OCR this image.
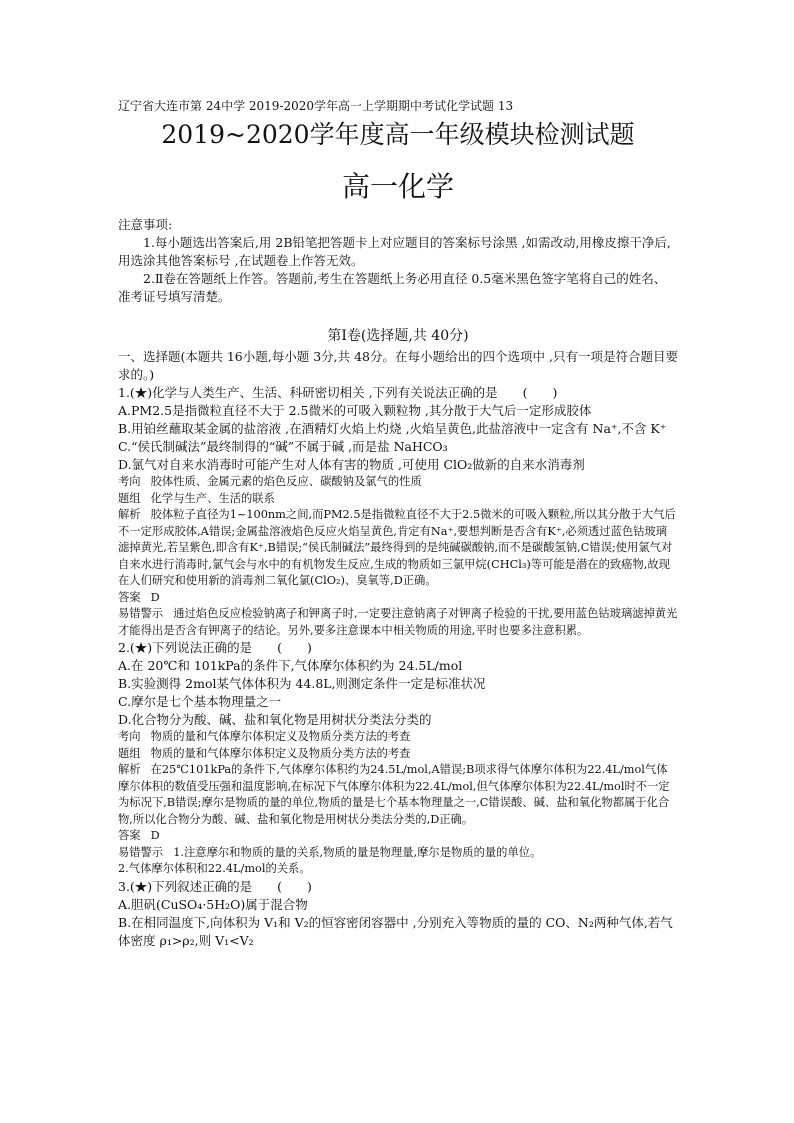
辽宁省大连市第 24中学 2019-2020学年高一上学期期中考试化学试题 13

2019~2020学年度高一年级模块检测试题
高一化学

注意事项:

1.每小题选出答案后,用 2B铅笔把答题卡上对应题目的答案标号涂黑 ,如需改动,用橡皮擦干净后,用选涂其他答案标号 ,在试题卷上作答无效。

2.Ⅱ卷在答题纸上作答。答题前,考生在答题纸上务必用直径 0.5毫米黑色签字笔将自己的姓名、准考证号填写清楚。

第Ⅰ卷(选择题,共 40分)

一、选择题(本题共 16小题,每小题 3分,共 48分。在每小题给出的四个选项中 ,只有一项是符合题目要求的。)

1.(★)化学与人类生产、生活、科研密切相关 ,下列有关说法正确的是　　(　　)

A.PM2.5是指微粒直径不大于 2.5微米的可吸入颗粒物 ,其分散于大气后一定形成胶体

B.用铂丝蘸取某金属的盐溶液 ,在酒精灯火焰上灼烧 ,火焰呈黄色,此盐溶液中一定含有 Na⁺,不含 K⁺

C.“侯氏制碱法”最终制得的“碱”不属于碱 ,而是盐 NaHCO₃

D.氯气对自来水消毒时可能产生对人体有害的物质 ,可使用 ClO₂做新的自来水消毒剂

考向 胶体性质、金属元素的焰色反应、碳酸钠及氯气的性质

题组 化学与生产、生活的联系

解析 胶体粒子直径为1~100nm之间,而PM2.5是指微粒直径不大于2.5微米的可吸入颗粒,所以其分散于大气后不一定形成胶体,A错误;金属盐溶液焰色反应火焰呈黄色,肯定有Na⁺,要想判断是否含有K⁺,必须透过蓝色钴玻璃滤掉黄光,若呈紫色,即含有K⁺,B错误;“侯氏制碱法”最终得到的是纯碱碳酸钠,而不是碳酸氢钠,C错误;使用氯气对自来水进行消毒时,氯气会与水中的有机物发生反应,生成的物质如三氯甲烷(CHCl₃)等可能是潜在的致癌物,故现在人们研究和使用新的消毒剂二氧化氯(ClO₂)、臭氧等,D正确。

答案 D

易错警示 通过焰色反应检验钠离子和钾离子时,一定要注意钠离子对钾离子检验的干扰,要用蓝色钴玻璃滤掉黄光才能得出是否含有钾离子的结论。另外,要多注意课本中相关物质的用途,平时也要多注意积累。

2.(★)下列说法正确的是　　(　　)

A.在 20℃和 101kPa的条件下,气体摩尔体积约为 24.5L/mol

B.实验测得 2mol某气体体积为 44.8L,则测定条件一定是标准状况

C.摩尔是七个基本物理量之一

D.化合物分为酸、碱、盐和氧化物是用树状分类法分类的

考向 物质的量和气体摩尔体积定义及物质分类方法的考查

题组 物质的量和气体摩尔体积定义及物质分类方法的考查

解析 在25℃101kPa的条件下,气体摩尔体积约为24.5L/mol,A错误;B项求得气体摩尔体积为22.4L/mol气体摩尔体积的数值受压强和温度影响,在标况下气体摩尔体积为22.4L/mol,但气体摩尔体积为22.4L/mol时不一定为标况下,B错误;摩尔是物质的量的单位,物质的量是七个基本物理量之一,C错误酸、碱、盐和氧化物都属于化合物,所以化合物分为酸、碱、盐和氧化物是用树状分类法分类的,D正确。

答案 D

易错警示 1.注意摩尔和物质的量的关系,物质的量是物理量,摩尔是物质的量的单位。

2.气体摩尔体积和22.4L/mol的关系。

3.(★)下列叙述正确的是　　(　　)

A.胆矾(CuSO₄·5H₂O)属于混合物

B.在相同温度下,向体积为 V₁和 V₂的恒容密闭容器中 ,分别充入等物质的量的 CO、N₂两种气体,若气体密度 ρ₁>ρ₂,则 V₁<V₂
